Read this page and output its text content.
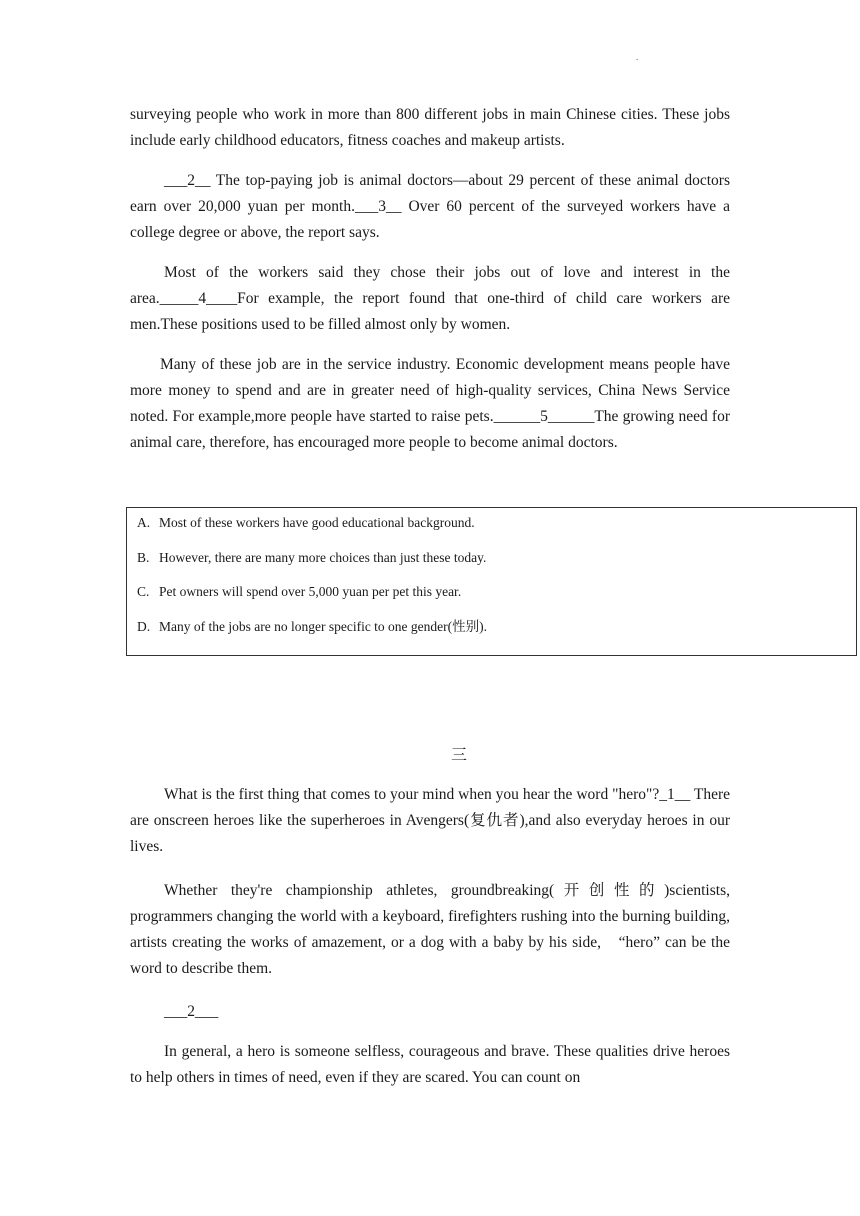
.

surveying people who work in more than 800 different jobs in main Chinese cities. These jobs include early childhood educators, fitness coaches and makeup artists.

___2__ The top-paying job is animal doctors—about 29 percent of these animal doctors earn over 20,000 yuan per month.___3__ Over 60 percent of the surveyed workers have a college degree or above, the report says.

Most of the workers said they chose their jobs out of love and interest in the area._____4____For example, the report found that one-third of child care workers are men.These positions used to be filled almost only by women.

Many of these job are in the service industry. Economic development means people have more money to spend and are in greater need of high-quality services, China News Service noted. For example,more people have started to raise pets.______5______The growing need for animal care, therefore, has encouraged more people to become animal doctors.

A. Most of these workers have good educational background.
B. However, there are many more choices than just these today.
C. Pet owners will spend over 5,000 yuan per pet this year.
D. Many of the jobs are no longer specific to one gender(性别).
三

What is the first thing that comes to your mind when you hear the word "hero"?_1__ There are onscreen heroes like the superheroes in Avengers(复仇者),and also everyday heroes in our lives.

Whether they're championship athletes, groundbreaking(开创性的)scientists, programmers changing the world with a keyboard, firefighters rushing into the burning building, artists creating the works of amazement, or a dog with a baby by his side,　“hero” can be the word to describe them.

___2___

In general, a hero is someone selfless, courageous and brave. These qualities drive heroes to help others in times of need, even if they are scared. You can count on
